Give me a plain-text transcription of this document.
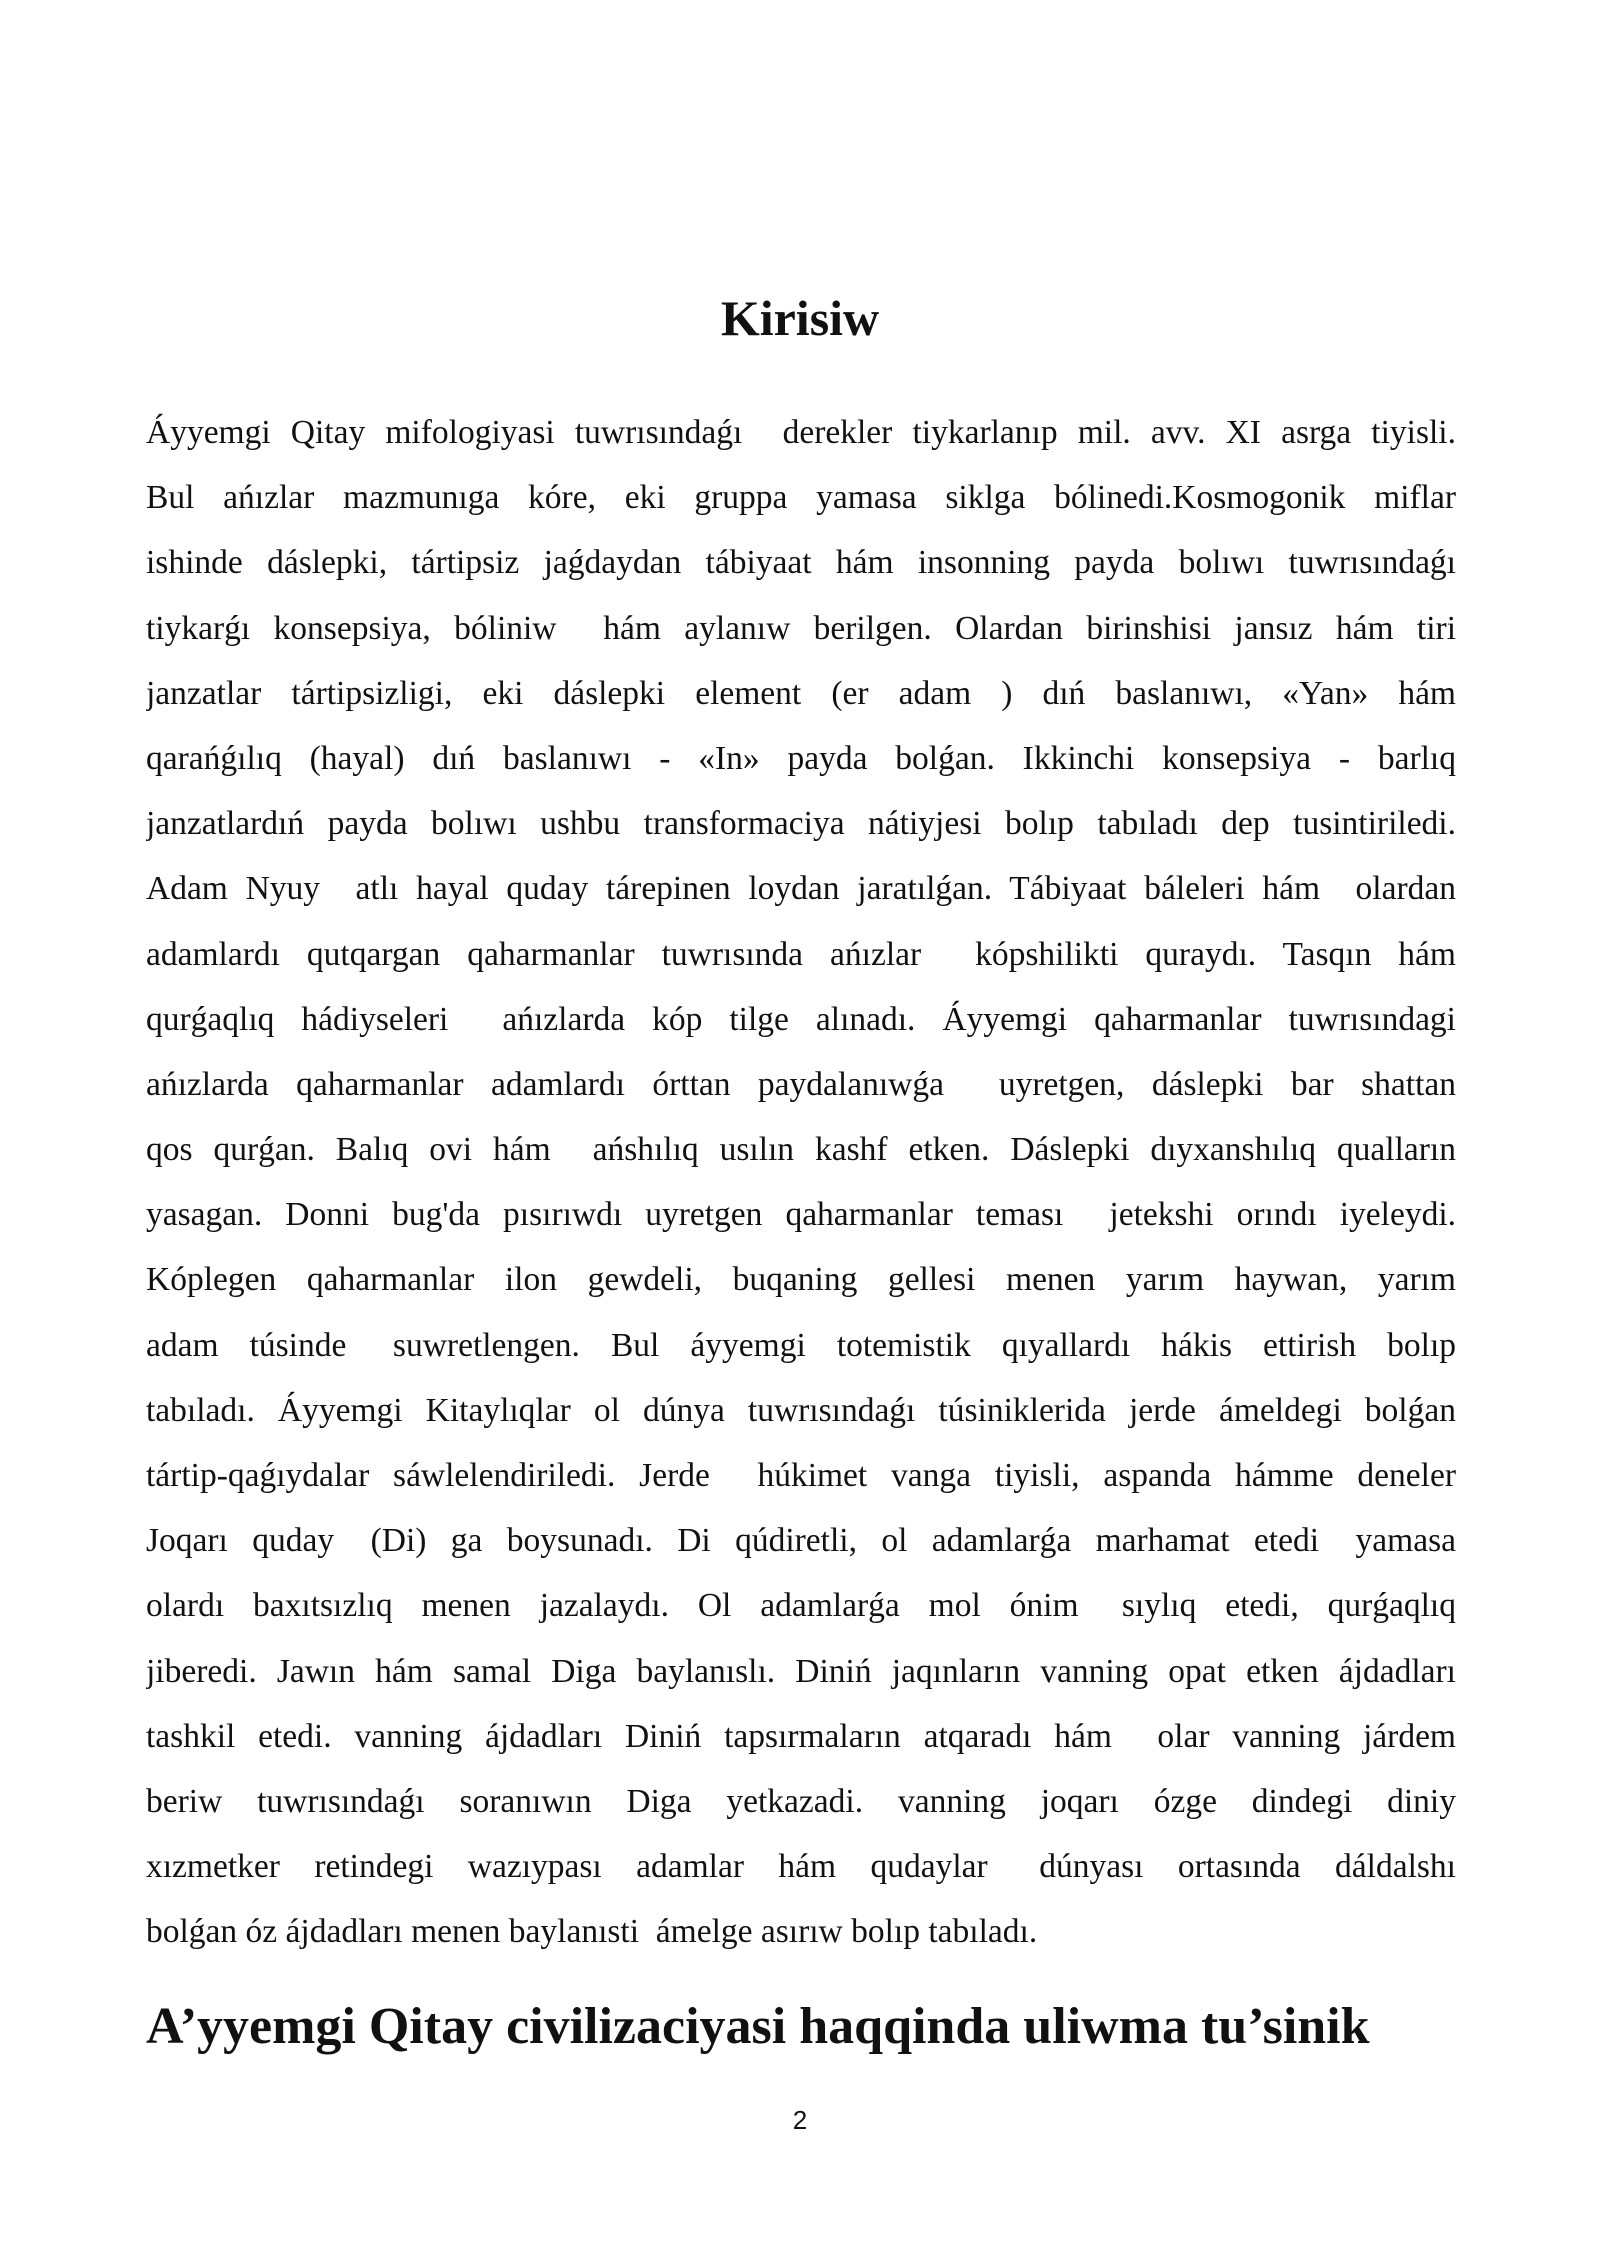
Kirisiw
Áyyemgi Qitay mifologiyasi tuwrısındaǵı  derekler tiykarlanıp mil. avv. XI asrga tiyisli.
Bul  ańızlar  mazmunıga  kóre,  eki  gruppa  yamasa  siklga  bólinedi.Kosmogonik  miflar
ishinde dáslepki, tártipsiz jaǵdaydan tábiyaat hám insonning payda bolıwı tuwrısındaǵı
tiykarǵı konsepsiya, bóliniw  hám aylanıw berilgen. Olardan birinshisi jansız hám tiri
janzatlar  tártipsizligi,  eki  dáslepki  element  (er  adam  )  dıń  baslanıwı,  «Yan»  hám
qarańǵılıq  (hayal)  dıń  baslanıwı  -  «In»  payda  bolǵan.  Ikkinchi  konsepsiya  -  barlıq
janzatlardıń payda bolıwı ushbu transformaciya nátiyjesi bolıp tabıladı dep tusintiriledi.
Adam Nyuy  atlı hayal quday tárepinen loydan jaratılǵan. Tábiyaat báleleri hám  olardan
adamlardı qutqargan qaharmanlar tuwrısında ańızlar  kópshilikti quraydı. Tasqın hám
qurǵaqlıq hádiyseleri  ańızlarda kóp tilge alınadı. Áyyemgi qaharmanlar tuwrısındagi
ańızlarda qaharmanlar adamlardı órttan paydalanıwǵa  uyretgen, dáslepki bar shattan
qos qurǵan. Balıq ovi hám  ańshılıq usılın kashf etken. Dáslepki dıyxanshılıq qualların
yasagan. Donni bug'da pısırıwdı uyretgen qaharmanlar teması  jetekshi orındı iyeleydi.
Kóplegen  qaharmanlar  ilon  gewdeli,  buqaning  gellesi  menen  yarım  haywan,  yarım
adam  túsinde   suwretlengen.  Bul  áyyemgi  totemistik  qıyallardı  hákis  ettirish  bolıp
tabıladı. Áyyemgi Kitaylıqlar ol dúnya tuwrısındaǵı túsiniklerida jerde ámeldegi bolǵan
tártip-qaǵıydalar sáwlelendiriledi. Jerde  húkimet vanga tiyisli, aspanda hámme deneler
Joqarı  quday   (Di)  ga  boysunadı.  Di  qúdiretli,  ol  adamlarǵa  marhamat  etedi   yamasa
olardı  baxıtsızlıq  menen  jazalaydı.  Ol  adamlarǵa  mol  ónim   sıylıq  etedi,  qurǵaqlıq
jiberedi. Jawın hám samal Diga baylanıslı. Diniń jaqınların vanning opat etken ájdadları
tashkil etedi. vanning ájdadları Diniń tapsırmaların atqaradı hám  olar vanning járdem
beriw  tuwrısındaǵı  soranıwın  Diga  yetkazadi.  vanning  joqarı  ózge  dindegi  diniy
xızmetker  retindegi  wazıypası  adamlar  hám  qudaylar   dúnyası  ortasında  dáldalshı
bolǵan óz ájdadları menen baylanısti  ámelge asırıw bolıp tabıladı.
A’yyemgi Qitay civilizaciyasi haqqinda uliwma tu’sinik
2
